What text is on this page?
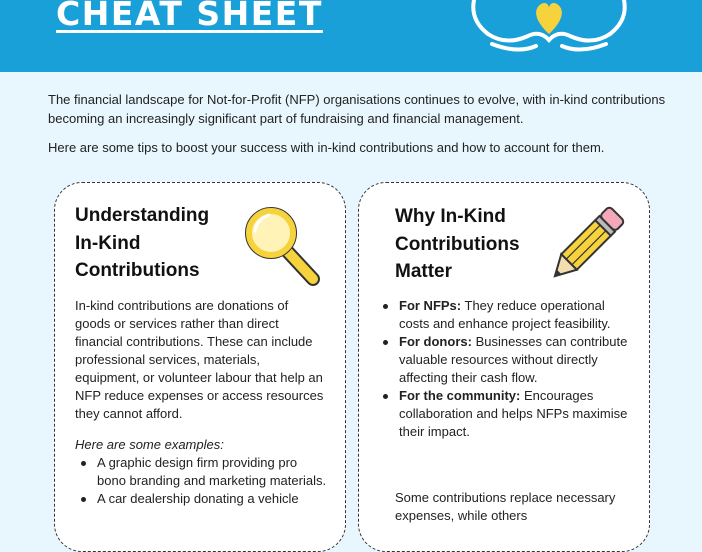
CHEAT SHEET

The financial landscape for Not-for-Profit (NFP) organisations continues to evolve, with in-kind contributions becoming an increasingly significant part of fundraising and financial management.

Here are some tips to boost your success with in-kind contributions and how to account for them.

Understanding
In-Kind
Contributions

In-kind contributions are donations of goods or services rather than direct financial contributions. These can include professional services, materials, equipment, or volunteer labour that help an NFP reduce expenses or access resources they cannot afford.

Here are some examples:

A graphic design firm providing pro bono branding and marketing materials.
A car dealership donating a vehicle
Why In-Kind
Contributions
Matter
For NFPs: They reduce operational costs and enhance project feasibility.
For donors: Businesses can contribute valuable resources without directly affecting their cash flow.
For the community: Encourages collaboration and helps NFPs maximise their impact.

Some contributions replace necessary expenses, while others
